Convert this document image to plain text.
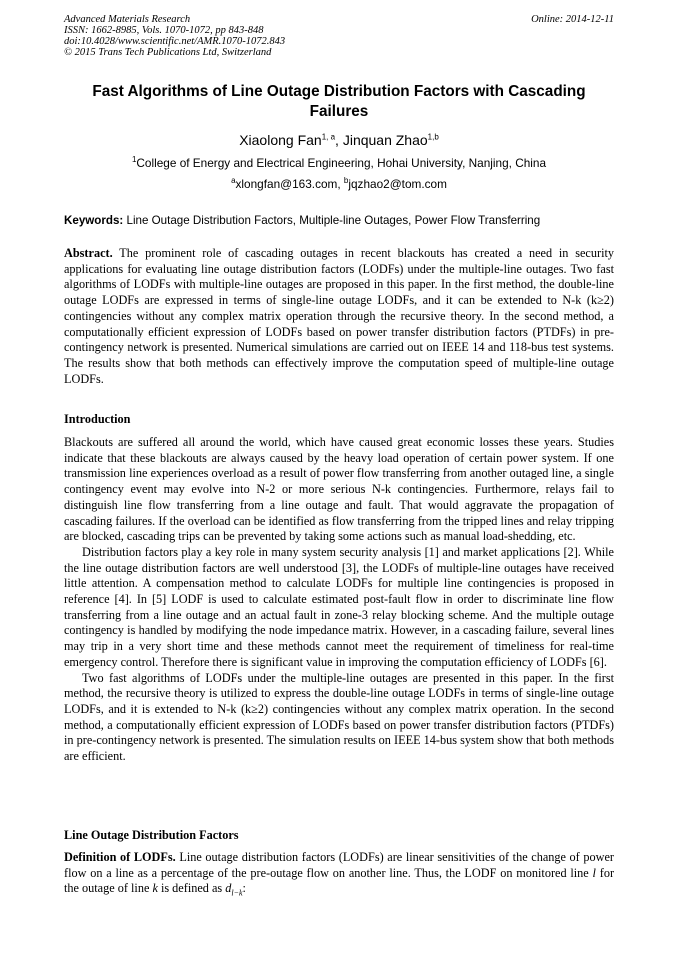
Advanced Materials Research
ISSN: 1662-8985, Vols. 1070-1072, pp 843-848
doi:10.4028/www.scientific.net/AMR.1070-1072.843
© 2015 Trans Tech Publications Ltd, Switzerland
Online: 2014-12-11
Fast Algorithms of Line Outage Distribution Factors with Cascading Failures
Xiaolong Fan$^{1, a}$, Jinquan Zhao$^{1,b}$
$^1$College of Energy and Electrical Engineering, Hohai University, Nanjing, China
$^a$xlongfan@163.com, $^b$jqzhao2@tom.com
Keywords: Line Outage Distribution Factors, Multiple-line Outages, Power Flow Transferring

Abstract. The prominent role of cascading outages in recent blackouts has created a need in security applications for evaluating line outage distribution factors (LODFs) under the multiple-line outages. Two fast algorithms of LODFs with multiple-line outages are proposed in this paper. In the first method, the double-line outage LODFs are expressed in terms of single-line outage LODFs, and it can be extended to N-k (k≥2) contingencies without any complex matrix operation through the recursive theory. In the second method, a computationally efficient expression of LODFs based on power transfer distribution factors (PTDFs) in pre-contingency network is presented. Numerical simulations are carried out on IEEE 14 and 118-bus test systems. The results show that both methods can effectively improve the computation speed of multiple-line outage LODFs.

Introduction

Blackouts are suffered all around the world, which have caused great economic losses these years. Studies indicate that these blackouts are always caused by the heavy load operation of certain power system. If one transmission line experiences overload as a result of power flow transferring from another outaged line, a single contingency event may evolve into N-2 or more serious N-k contingencies. Furthermore, relays fail to distinguish line flow transferring from a line outage and fault. That would aggravate the propagation of cascading failures. If the overload can be identified as flow transferring from the tripped lines and relay tripping are blocked, cascading trips can be prevented by taking some actions such as manual load-shedding, etc.

Distribution factors play a key role in many system security analysis [1] and market applications [2]. While the line outage distribution factors are well understood [3], the LODFs of multiple-line outages have received little attention. A compensation method to calculate LODFs for multiple line contingencies is proposed in reference [4]. In [5] LODF is used to calculate estimated post-fault flow in order to discriminate line flow transferring from a line outage and an actual fault in zone-3 relay blocking scheme. And the multiple outage contingency is handled by modifying the node impedance matrix. However, in a cascading failure, several lines may trip in a very short time and these methods cannot meet the requirement of timeliness for real-time emergency control. Therefore there is significant value in improving the computation efficiency of LODFs [6].

Two fast algorithms of LODFs under the multiple-line outages are presented in this paper. In the first method, the recursive theory is utilized to express the double-line outage LODFs in terms of single-line outage LODFs, and it is extended to N-k (k≥2) contingencies without any complex matrix operation. In the second method, a computationally efficient expression of LODFs based on power transfer distribution factors (PTDFs) in pre-contingency network is presented. The simulation results on IEEE 14-bus system show that both methods are efficient.

Line Outage Distribution Factors

Definition of LODFs. Line outage distribution factors (LODFs) are linear sensitivities of the change of power flow on a line as a percentage of the pre-outage flow on another line. Thus, the LODF on monitored line l for the outage of line k is defined as $d_{l-k}$:
